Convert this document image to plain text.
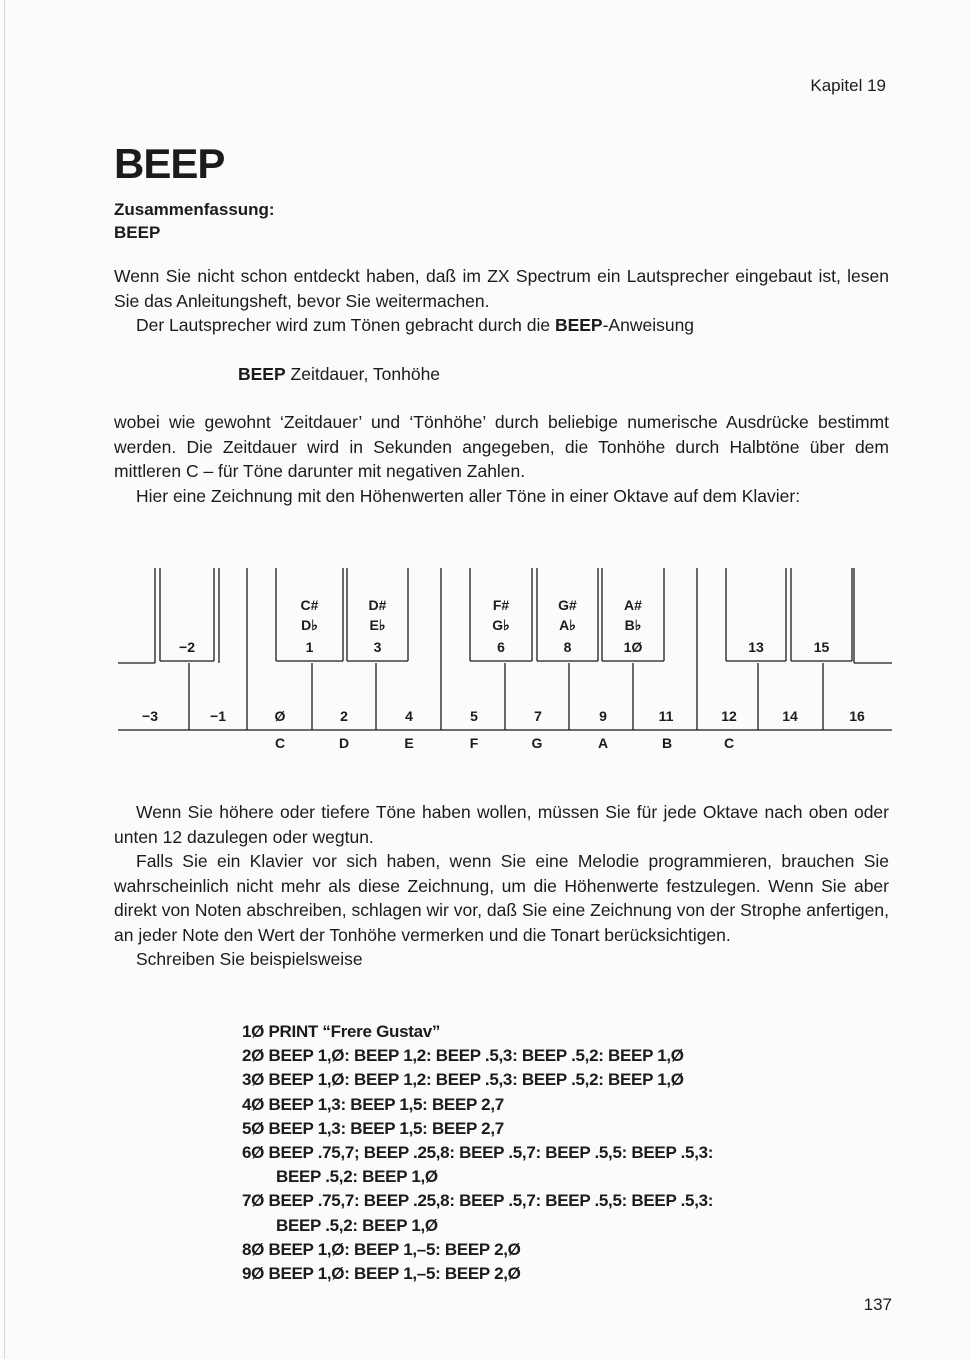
Kapitel 19
BEEP
Zusammenfassung:
BEEP

Wenn Sie nicht schon entdeckt haben, daß im ZX Spectrum ein Lautsprecher eingebaut ist, lesen Sie das Anleitungsheft, bevor Sie weitermachen.

Der Lautsprecher wird zum Tönen gebracht durch die BEEP-Anweisung

BEEP Zeitdauer, Tonhöhe

wobei wie gewohnt ‘Zeitdauer’ und ‘Tönhöhe’ durch beliebige numerische Ausdrücke bestimmt werden. Die Zeitdauer wird in Sekunden angegeben, die Tonhöhe durch Halbtöne über dem mittleren C – für Töne darunter mit negativen Zahlen.

Hier eine Zeichnung mit den Höhenwerten aller Töne in einer Oktave auf dem Klavier:

−2
C#
D♭
1
D#
E♭
3
F#
G♭
6
G#
A♭
8
A#
B♭
1Ø	13	15
−3	−1	Ø	2	4	5	7	9	11	12	14	16
C	D	E	F	G	A	B	C

Wenn Sie höhere oder tiefere Töne haben wollen, müssen Sie für jede Oktave nach oben oder unten 12 dazulegen oder wegtun.

Falls Sie ein Klavier vor sich haben, wenn Sie eine Melodie programmieren, brauchen Sie wahrscheinlich nicht mehr als diese Zeichnung, um die Höhenwerte festzulegen. Wenn Sie aber direkt von Noten abschreiben, schlagen wir vor, daß Sie eine Zeichnung von der Strophe anfertigen, an jeder Note den Wert der Tonhöhe vermerken und die Tonart berücksichtigen.

Schreiben Sie beispielsweise

1Ø PRINT “Frere Gustav”
2Ø BEEP 1,Ø: BEEP 1,2: BEEP .5,3: BEEP .5,2: BEEP 1,Ø
3Ø BEEP 1,Ø: BEEP 1,2: BEEP .5,3: BEEP .5,2: BEEP 1,Ø
4Ø BEEP 1,3: BEEP 1,5: BEEP 2,7
5Ø BEEP 1,3: BEEP 1,5: BEEP 2,7
6Ø BEEP .75,7; BEEP .25,8: BEEP .5,7: BEEP .5,5: BEEP .5,3:
BEEP .5,2: BEEP 1,Ø
7Ø BEEP .75,7: BEEP .25,8: BEEP .5,7: BEEP .5,5: BEEP .5,3:
BEEP .5,2: BEEP 1,Ø
8Ø BEEP 1,Ø: BEEP 1,–5: BEEP 2,Ø
9Ø BEEP 1,Ø: BEEP 1,–5: BEEP 2,Ø
137
